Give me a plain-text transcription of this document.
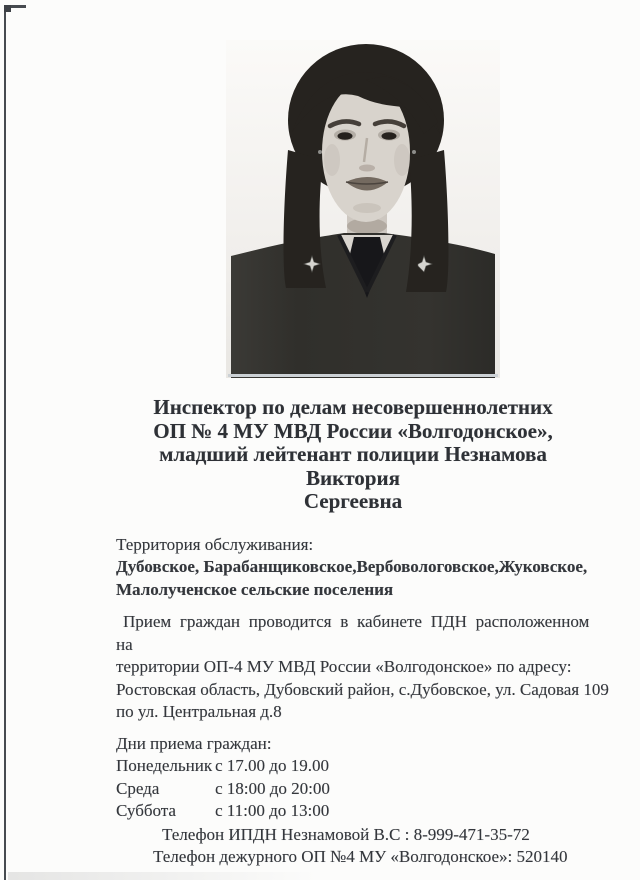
Инспектор по делам несовершеннолетних
ОП № 4 МУ МВД России «Волгодонское»,
младший лейтенант полиции Незнамова Виктория
Сергеевна
Территория обслуживания:
Дубовское, Барабанщиковское,Вербовологовское,Жуковское,
Малолученское сельские поселения
Прием граждан проводится в кабинете ПДН расположенном на
территории ОП-4 МУ МВД России «Волгодонское» по адресу:
Ростовская область, Дубовский район, с.Дубовское, ул. Садовая 109
по ул. Центральная д.8
Дни приема граждан:
Понедельник с 17.00 до 19.00
Среда	с 18:00 до 20:00
Суббота	с 11:00 до 13:00
Телефон ИПДН Незнамовой В.С : 8-999-471-35-72
Телефон дежурного ОП №4 МУ «Волгодонское»: 520140
